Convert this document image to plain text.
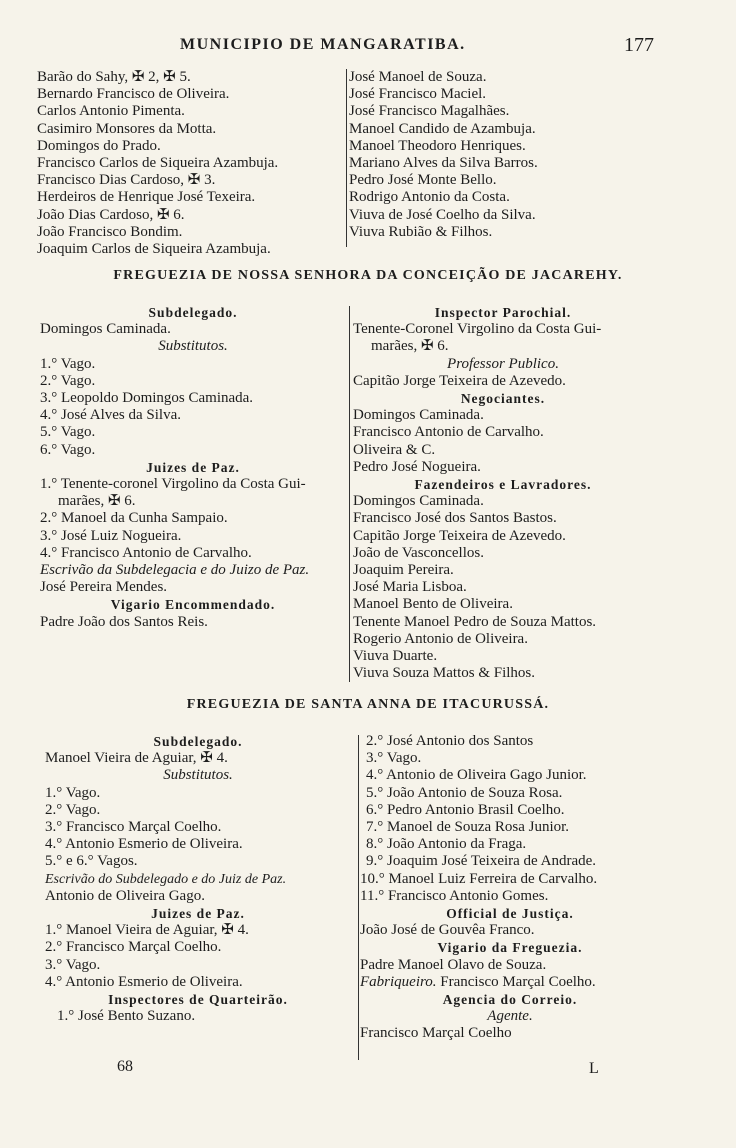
MUNICIPIO DE MANGARATIBA.	177
Barão do Sahy, ✠ 2, ✠ 5.
Bernardo Francisco de Oliveira.
Carlos Antonio Pimenta.
Casimiro Monsores da Motta.
Domingos do Prado.
Francisco Carlos de Siqueira Azambuja.
Francisco Dias Cardoso, ✠ 3.
Herdeiros de Henrique José Texeira.
João Dias Cardoso, ✠ 6.
João Francisco Bondim.
Joaquim Carlos de Siqueira Azambuja.
José Manoel de Souza.
José Francisco Maciel.
José Francisco Magalhães.
Manoel Candido de Azambuja.
Manoel Theodoro Henriques.
Mariano Alves da Silva Barros.
Pedro José Monte Bello.
Rodrigo Antonio da Costa.
Viuva de José Coelho da Silva.
Viuva Rubião & Filhos.
FREGUEZIA DE NOSSA SENHORA DA CONCEIÇÃO DE JACAREHY.
Subdelegado.
Domingos Caminada.
Substitutos.
1.° Vago.
2.° Vago.
3.° Leopoldo Domingos Caminada.
4.° José Alves da Silva.
5.° Vago.
6.° Vago.
Juizes de Paz.
1.° Tenente-coronel Virgolino da Costa Gui-
marães, ✠ 6.
2.° Manoel da Cunha Sampaio.
3.° José Luiz Nogueira.
4.° Francisco Antonio de Carvalho.
Escrivão da Subdelegacia e do Juizo de Paz.
José Pereira Mendes.
Vigario Encommendado.
Padre João dos Santos Reis.
Inspector Parochial.
Tenente-Coronel Virgolino da Costa Gui-
marães, ✠ 6.
Professor Publico.
Capitão Jorge Teixeira de Azevedo.
Negociantes.
Domingos Caminada.
Francisco Antonio de Carvalho.
Oliveira & C.
Pedro José Nogueira.
Fazendeiros e Lavradores.
Domingos Caminada.
Francisco José dos Santos Bastos.
Capitão Jorge Teixeira de Azevedo.
João de Vasconcellos.
Joaquim Pereira.
José Maria Lisboa.
Manoel Bento de Oliveira.
Tenente Manoel Pedro de Souza Mattos.
Rogerio Antonio de Oliveira.
Viuva Duarte.
Viuva Souza Mattos & Filhos.
FREGUEZIA DE SANTA ANNA DE ITACURUSSÁ.
Subdelegado.
Manoel Vieira de Aguiar, ✠ 4.
Substitutos.
1.° Vago.
2.° Vago.
3.° Francisco Marçal Coelho.
4.° Antonio Esmerio de Oliveira.
5.° e 6.° Vagos.
Escrivão do Subdelegado e do Juiz de Paz.
Antonio de Oliveira Gago.
Juizes de Paz.
1.° Manoel Vieira de Aguiar, ✠ 4.
2.° Francisco Marçal Coelho.
3.° Vago.
4.° Antonio Esmerio de Oliveira.
Inspectores de Quarteirão.
1.° José Bento Suzano.
2.° José Antonio dos Santos
3.° Vago.
4.° Antonio de Oliveira Gago Junior.
5.° João Antonio de Souza Rosa.
6.° Pedro Antonio Brasil Coelho.
7.° Manoel de Souza Rosa Junior.
8.° João Antonio da Fraga.
9.° Joaquim José Teixeira de Andrade.
10.° Manoel Luiz Ferreira de Carvalho.
11.° Francisco Antonio Gomes.
Official de Justiça.
João José de Gouvêa Franco.
Vigario da Freguezia.
Padre Manoel Olavo de Souza.
Fabriqueiro. Francisco Marçal Coelho.
Agencia do Correio.
Agente.
Francisco Marçal Coelho
68	L
